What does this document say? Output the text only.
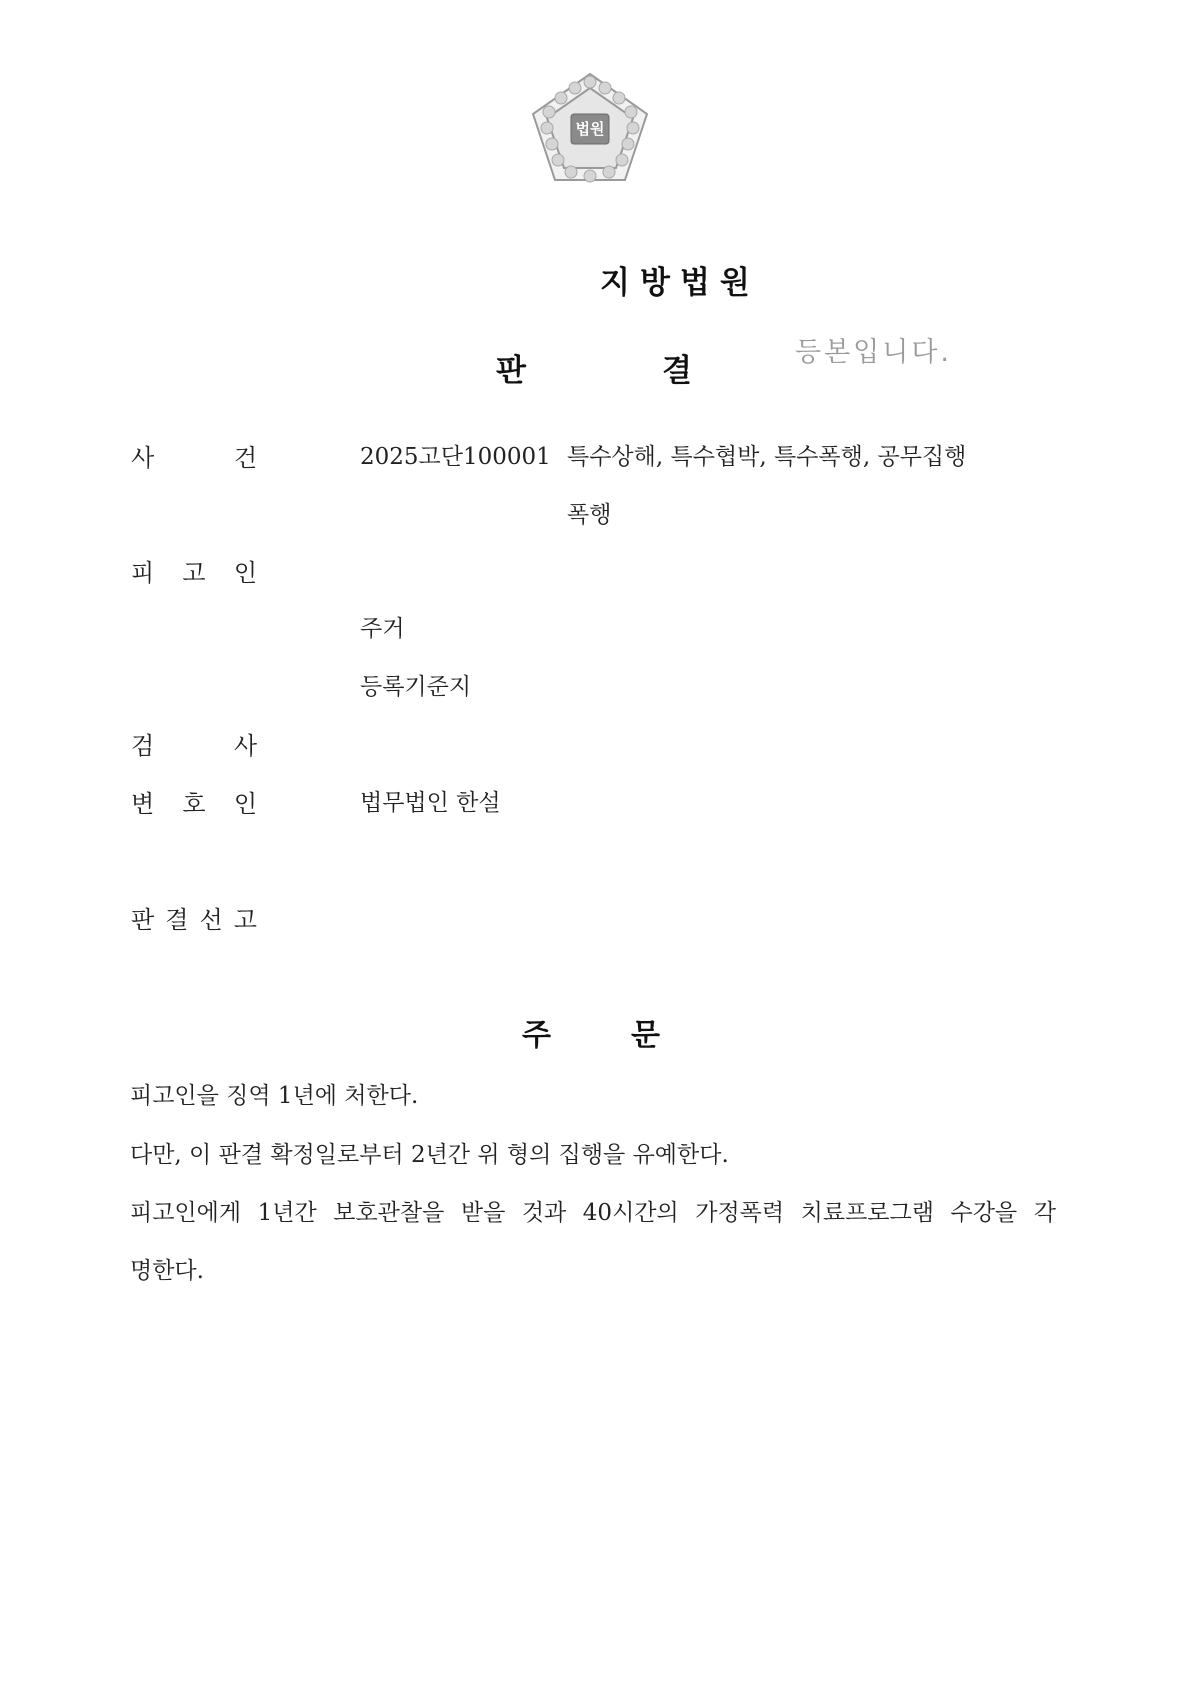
법원
지방법원
판	결
등본입니다.
사	건	2025고단100001 특수상해, 특수협박, 특수폭행, 공무집행
폭행
피 고 인
주거
등록기준지
검	사
변 호 인	법무법인 한설
판 결 선 고
주	문
피고인을 징역 1년에 처한다.
다만, 이 판결 확정일로부터 2년간 위 형의 집행을 유예한다.
피고인에게 1년간 보호관찰을 받을 것과 40시간의 가정폭력 치료프로그램 수강을 각
명한다.
